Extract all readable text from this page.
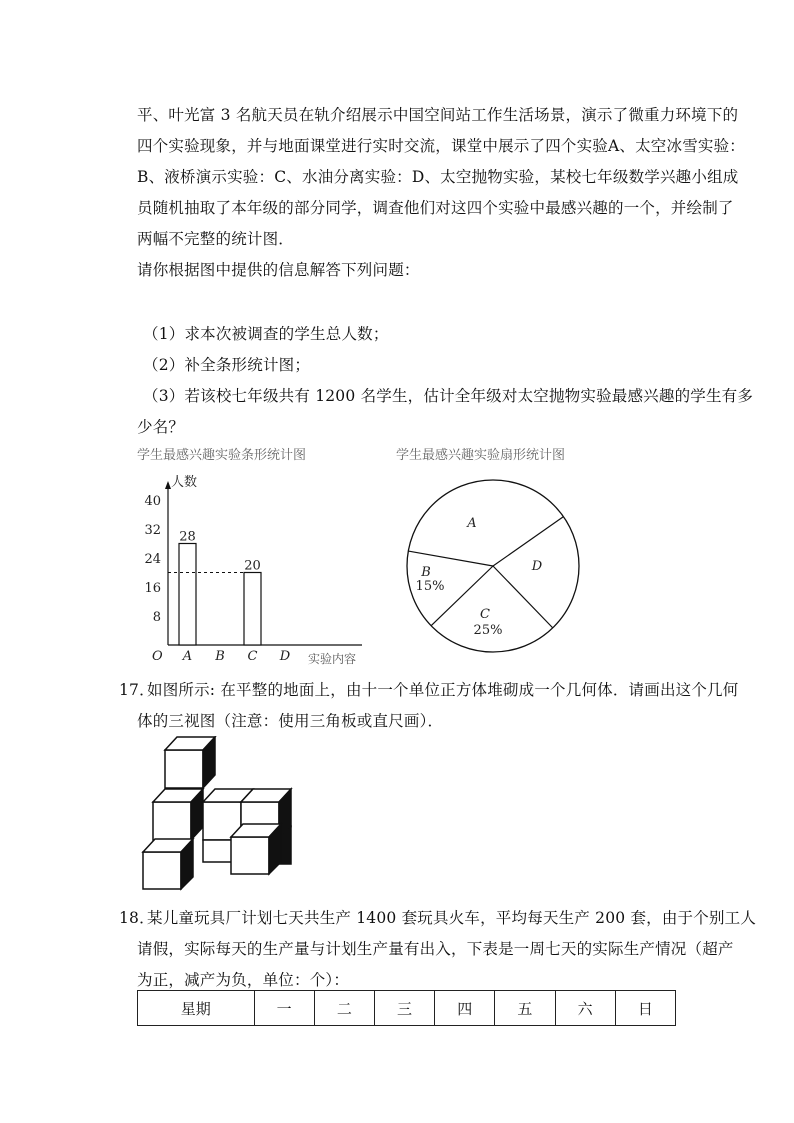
平、叶光富 3 名航天员在轨介绍展示中国空间站工作生活场景，演示了微重力环境下的
四个实验现象，并与地面课堂进行实时交流，课堂中展示了四个实验A、太空冰雪实验：
B、液桥演示实验：C、水油分离实验：D、太空抛物实验，某校七年级数学兴趣小组成
员随机抽取了本年级的部分同学，调查他们对这四个实验中最感兴趣的一个，并绘制了
两幅不完整的统计图．
请你根据图中提供的信息解答下列问题：
（1）求本次被调查的学生总人数；
（2）补全条形统计图；
（3）若该校七年级共有 1200 名学生，估计全年级对太空抛物实验最感兴趣的学生有多
少名？
学生最感兴趣实验条形统计图	学生最感兴趣实验扇形统计图
人数
实验内容
O
8
16
24
32
40
A
28
B C
20
D
A
B
15%
C
25%
D
17．
如图所示: 在平整的地面上，由十一个单位正方体堆砌成一个几何体．请画出这个几何
体的三视图（注意：使用三角板或直尺画）．
18．
某儿童玩具厂计划七天共生产 1400 套玩具火车，平均每天生产 200 套，由于个别工人
请假，实际每天的生产量与计划生产量有出入，下表是一周七天的实际生产情况（超产
为正，减产为负，单位：个）：
星期	一	二	三	四	五	六	日
